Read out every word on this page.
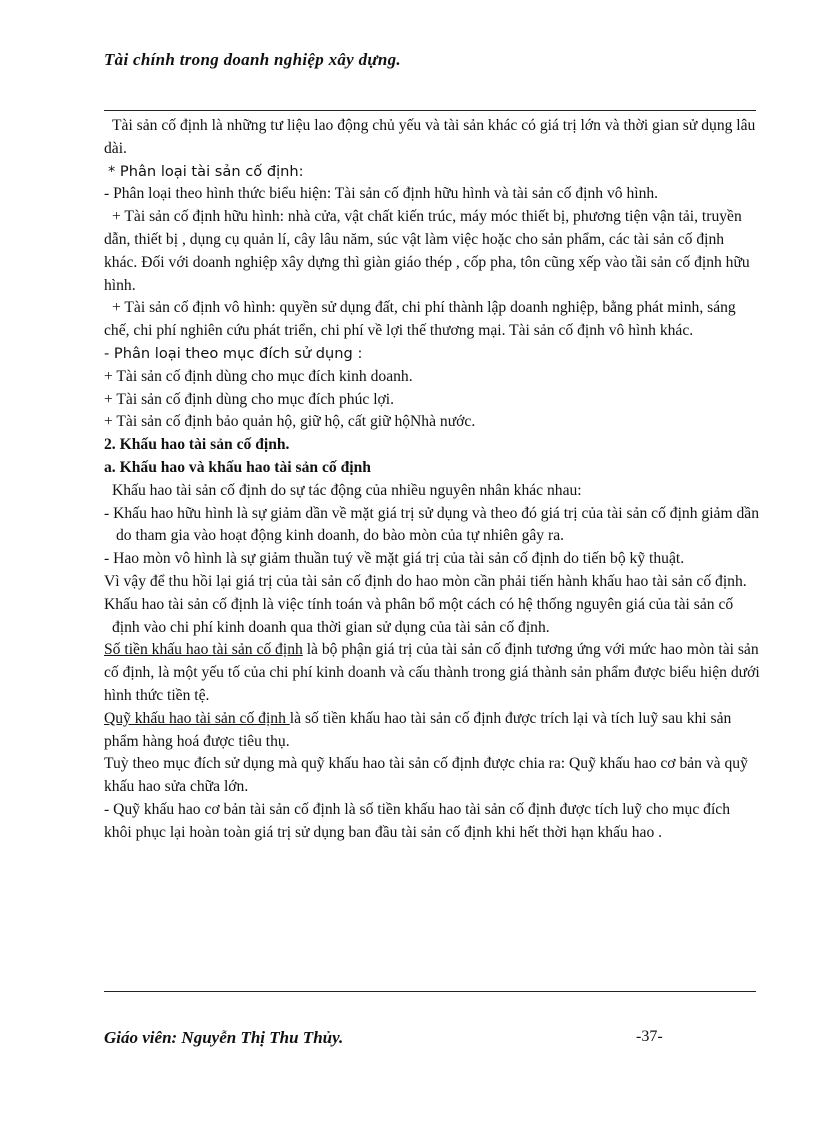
Tài chính trong doanh nghiệp xây dựng.

Tài sản cố định là những tư liệu lao động chủ yếu và tài sản khác có giá trị lớn và thời gian sử dụng lâu dài.

* Phân loại tài sản cố định:

- Phân loại theo hình thức biểu hiện: Tài sản cố định hữu hình và tài sản cố định vô hình.

+ Tài sản cố định hữu hình: nhà cửa, vật chất kiến trúc, máy móc thiết bị, phương tiện vận tải, truyền dẫn, thiết bị , dụng cụ quản lí, cây lâu năm, súc vật làm việc hoặc cho sản phẩm, các tài sản cố định khác. Đối với doanh nghiệp xây dựng thì giàn giáo thép , cốp pha, tôn cũng xếp vào tầi sản cố định hữu hình.

+ Tài sản cố định vô hình: quyền sử dụng đất, chi phí thành lập doanh nghiệp, bằng phát minh, sáng chế, chi phí nghiên cứu phát triển, chi phí về lợi thế thương mại. Tài sản cố định vô hình khác.

- Phân loại theo mục đích sử dụng :

+ Tài sản cố định dùng cho mục đích kinh doanh.

+ Tài sản cố định dùng cho mục đích phúc lợi.

+ Tài sản cố định bảo quản hộ, giữ hộ, cất giữ hộNhà nước.

2. Khấu hao tài sản cố định.

a. Khấu hao và khấu hao tài sản cố định

Khấu hao tài sản cố định do sự tác động của nhiều nguyên nhân khác nhau:

- Khấu hao hữu hình là sự giảm dần về mặt giá trị sử dụng và theo đó giá trị của tài sản cố định giảm dần do tham gia vào hoạt động kinh doanh, do bào mòn của tự nhiên gây ra.

- Hao mòn vô hình là sự giảm thuần tuý về mặt giá trị của tài sản cố định do tiến bộ kỹ thuật.

Vì vậy để thu hồi lại giá trị của tài sản cố định do hao mòn cần phải tiến hành khấu hao tài sản cố định.

Khấu hao tài sản cố định là việc tính toán và phân bổ một cách có hệ thống nguyên giá của tài sản cố định vào chi phí kinh doanh qua thời gian sử dụng của tài sản cố định.

Số tiền khấu hao tài sản cố định là bộ phận giá trị của tài sản cố định tương ứng với mức hao mòn tài sản cố định, là một yếu tố của chi phí kinh doanh và cấu thành trong giá thành sản phẩm được biểu hiện dưới hình thức tiền tệ.

Quỹ khấu hao tài sản cố định là số tiền khấu hao tài sản cố định được trích lại và tích luỹ sau khi sản phẩm hàng hoá được tiêu thụ.

Tuỳ theo mục đích sử dụng mà quỹ khấu hao tài sản cố định được chia ra: Quỹ khấu hao cơ bản và quỹ khấu hao sửa chữa lớn.

- Quỹ khấu hao cơ bản tài sản cố định là số tiền khấu hao tài sản cố định được tích luỹ cho mục đích khôi phục lại hoàn toàn giá trị sử dụng ban đầu tài sản cố định khi hết thời hạn khấu hao .

Giáo viên: Nguyễn Thị Thu Thủy.	-37-
